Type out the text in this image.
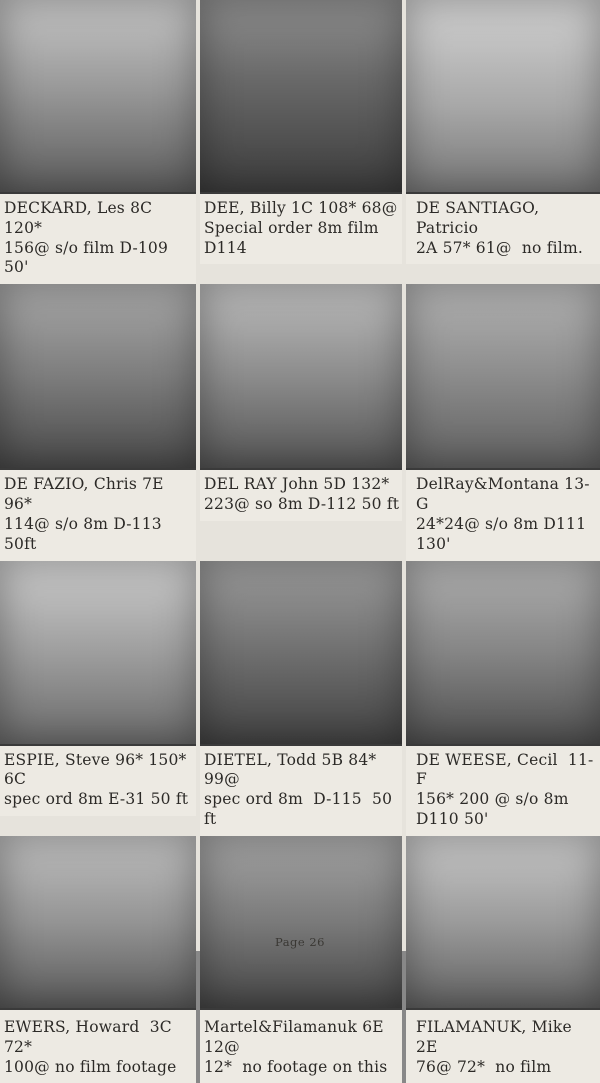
DECKARD, Les 8C 120*
156@ s/o film D-109 50'
DEE, Billy 1C 108* 68@
Special order 8m film D114
DE SANTIAGO, Patricio
2A 57* 61@  no film.
DE FAZIO, Chris 7E 96*
114@ s/o 8m D-113 50ft
DEL RAY John 5D 132*
223@ so 8m D-112 50 ft
DelRay&Montana 13-G
24*24@ s/o 8m D111 130'
ESPIE, Steve 96* 150* 6C
spec ord 8m E-31 50 ft
DIETEL, Todd 5B 84*  99@
spec ord 8m  D-115  50 ft
DE WEESE, Cecil  11-F
156* 200 @ s/o 8m D110 50'
EWERS, Howard  3C 72*
100@ no film footage
Martel&Filamanuk 6E 12@
12*  no footage on this
FILAMANUK, Mike  2E
76@ 72*  no film
Page 26
